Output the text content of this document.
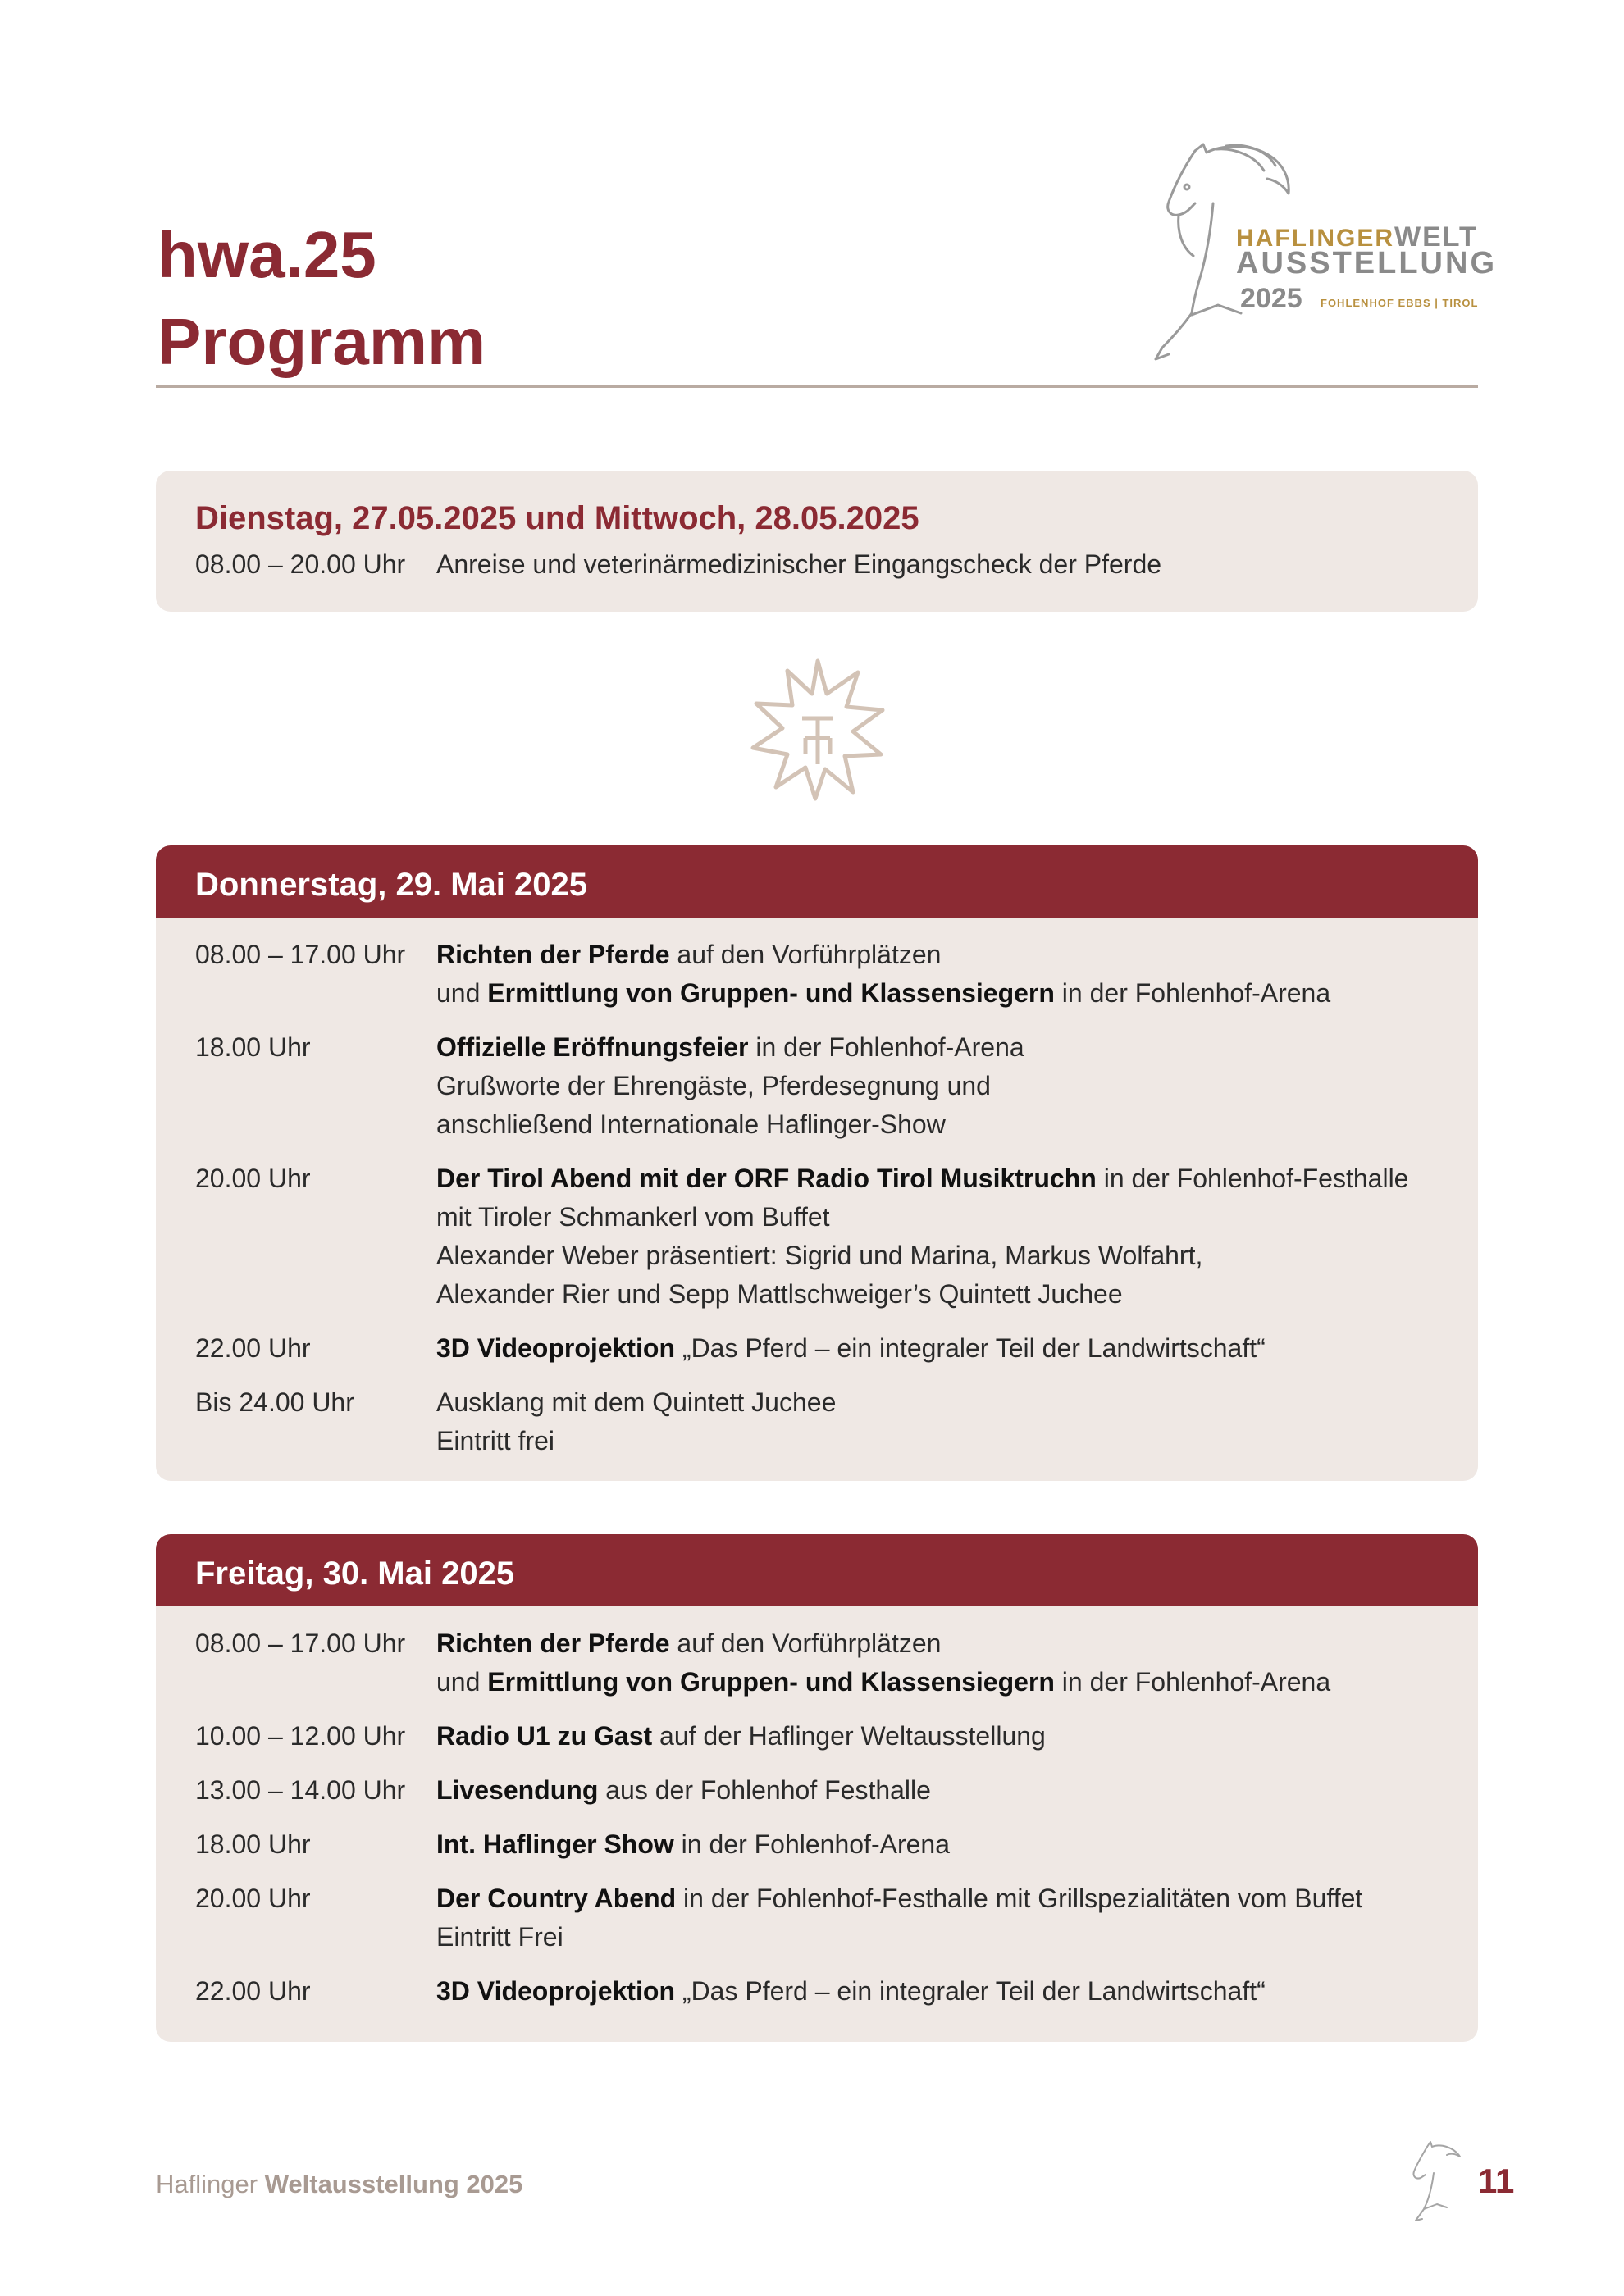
hwa.25
Programm
HAFLINGERWELT
AUSSTELLUNG
2025 FOHLENHOF EBBS | TIROL
Dienstag, 27.05.2025 und Mittwoch, 28.05.2025
08.00 – 20.00 Uhr	Anreise und veterinärmedizinischer Eingangscheck der Pferde
Donnerstag, 29. Mai 2025
08.00 – 17.00 Uhr	Richten der Pferde auf den Vorführplätzen

und Ermittlung von Gruppen- und Klassensiegern in der Fohlenhof-Arena

18.00 Uhr	Offizielle Eröffnungsfeier in der Fohlenhof-Arena

Grußworte der Ehrengäste, Pferdesegnung und

anschließend Internationale Haflinger-Show

20.00 Uhr	Der Tirol Abend mit der ORF Radio Tirol Musiktruchn in der Fohlenhof-Festhalle

mit Tiroler Schmankerl vom Buffet

Alexander Weber präsentiert: Sigrid und Marina, Markus Wolfahrt,

Alexander Rier und Sepp Mattlschweiger’s Quintett Juchee

22.00 Uhr	3D Videoprojektion „Das Pferd – ein integraler Teil der Landwirtschaft“

Bis 24.00 Uhr	Ausklang mit dem Quintett Juchee

Eintritt frei

Freitag, 30. Mai 2025
08.00 – 17.00 Uhr	Richten der Pferde auf den Vorführplätzen

und Ermittlung von Gruppen- und Klassensiegern in der Fohlenhof-Arena

10.00 – 12.00 Uhr	Radio U1 zu Gast auf der Haflinger Weltausstellung

13.00 – 14.00 Uhr	Livesendung aus der Fohlenhof Festhalle

18.00 Uhr	Int. Haflinger Show in der Fohlenhof-Arena

20.00 Uhr	Der Country Abend in der Fohlenhof-Festhalle mit Grillspezialitäten vom Buffet

Eintritt Frei

22.00 Uhr	3D Videoprojektion „Das Pferd – ein integraler Teil der Landwirtschaft“

Haflinger Weltausstellung 2025	11
